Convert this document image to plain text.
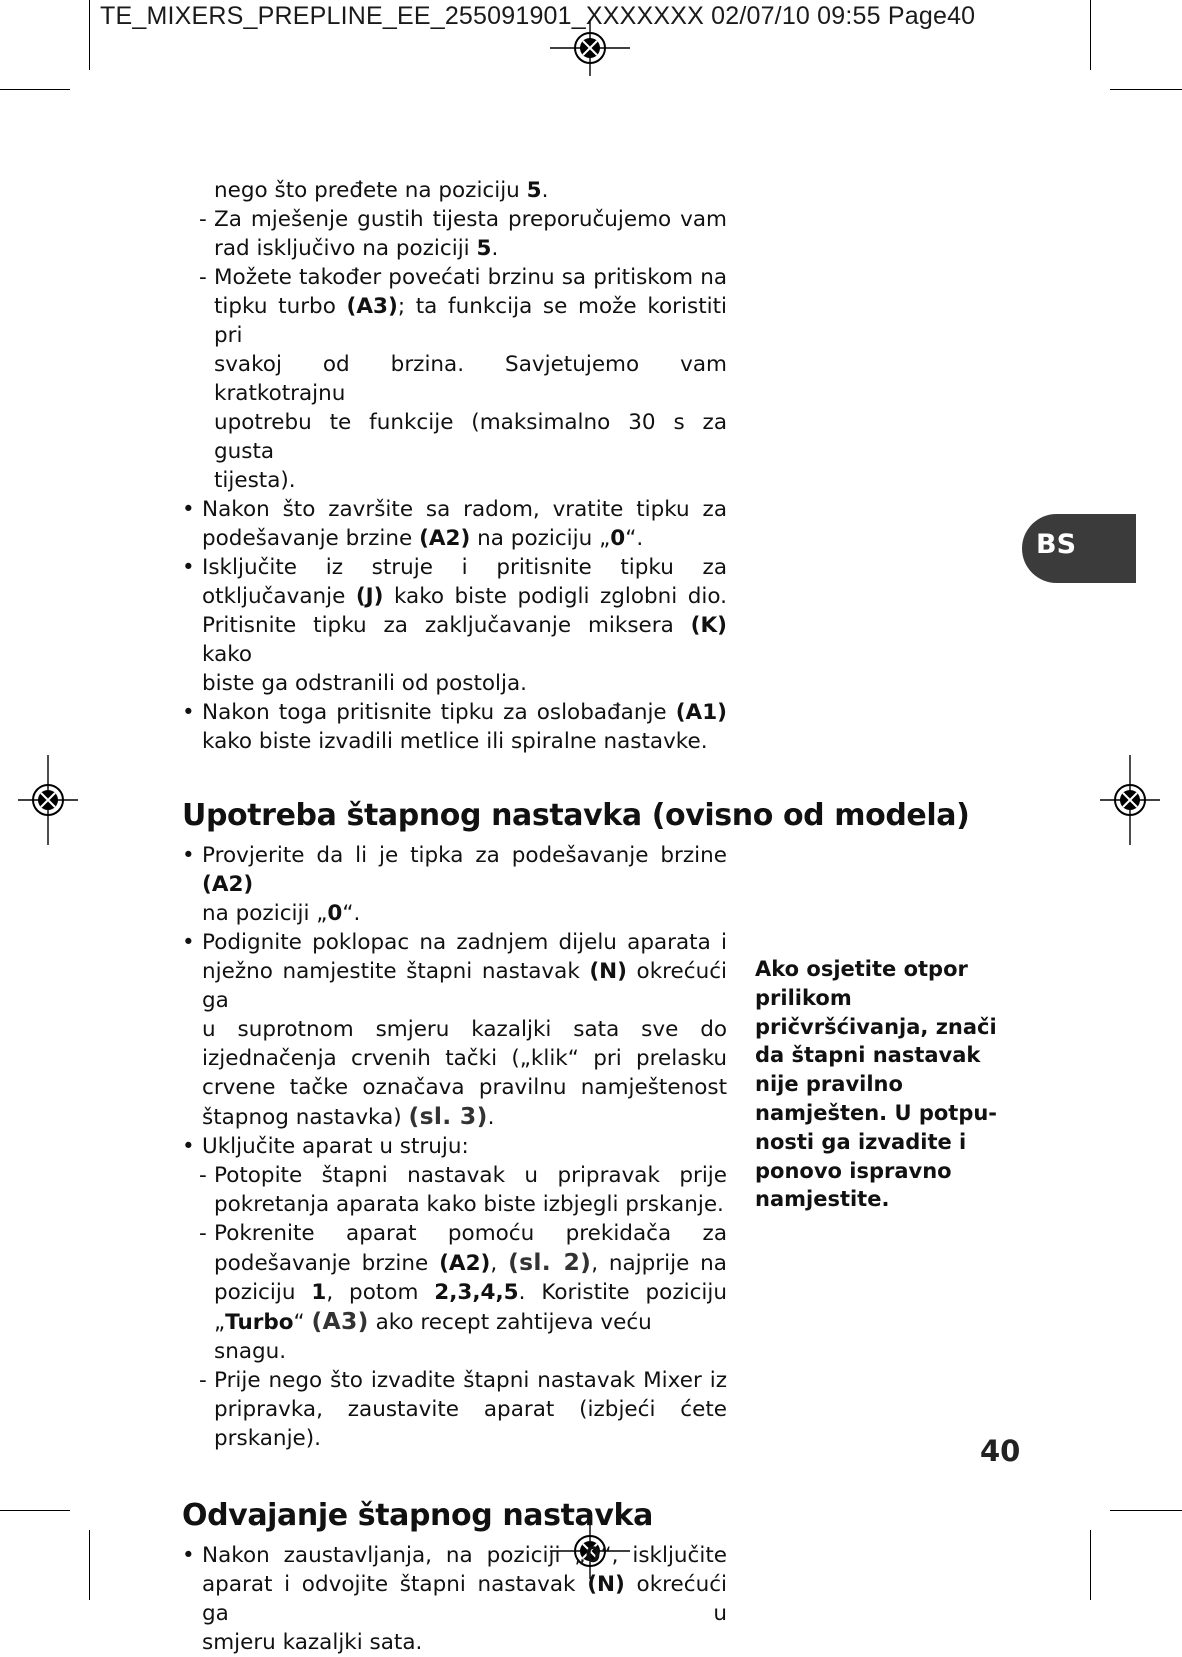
TE_MIXERS_PREPLINE_EE_255091901_XXXXXXX 02/07/10 09:55 Page40
nego što pređete na poziciju 5.
- Za mješenje gustih tijesta preporučujemo vam
rad isključivo na poziciji 5.
- Možete također povećati brzinu sa pritiskom na
tipku turbo (A3); ta funkcija se može koristiti pri
svakoj od brzina. Savjetujemo vam kratkotrajnu
upotrebu te funkcije (maksimalno 30 s za gusta
tijesta).
• Nakon što završite sa radom, vratite tipku za
podešavanje brzine (A2) na poziciju „0“.
• Isključite iz struje i pritisnite tipku za
otključavanje (J) kako biste podigli zglobni dio.
Pritisnite tipku za zaključavanje miksera (K) kako
biste ga odstranili od postolja.
• Nakon toga pritisnite tipku za oslobađanje (A1)
kako biste izvadili metlice ili spiralne nastavke.
Upotreba štapnog nastavka (ovisno od modela)
• Provjerite da li je tipka za podešavanje brzine (A2)
na poziciji „0“.
• Podignite poklopac na zadnjem dijelu aparata i
nježno namjestite štapni nastavak (N) okrećući ga
u suprotnom smjeru kazaljki sata sve do
izjednačenja crvenih tački („klik“ pri prelasku
crvene tačke označava pravilnu namještenost
štapnog nastavka) (sl. 3).
• Uključite aparat u struju:
- Potopite štapni nastavak u pripravak prije
pokretanja aparata kako biste izbjegli prskanje.
- Pokrenite aparat pomoću prekidača za
podešavanje brzine (A2), (sl. 2), najprije na
poziciju 1, potom 2,3,4,5. Koristite poziciju
„Turbo“ (A3) ako recept zahtijeva veću snagu.
- Prije nego što izvadite štapni nastavak Mixer iz
pripravka, zaustavite aparat (izbjeći ćete
prskanje).
Odvajanje štapnog nastavka
• Nakon zaustavljanja, na poziciji „0“, isključite
aparat i odvojite štapni nastavak (N) okrećući ga u
smjeru kazaljki sata.
Ako osjetite otpor
prilikom
pričvršćivanja, znači
da štapni nastavak
nije pravilno
namješten. U potpu-
nosti ga izvadite i
ponovo ispravno
namjestite.
BS
40
